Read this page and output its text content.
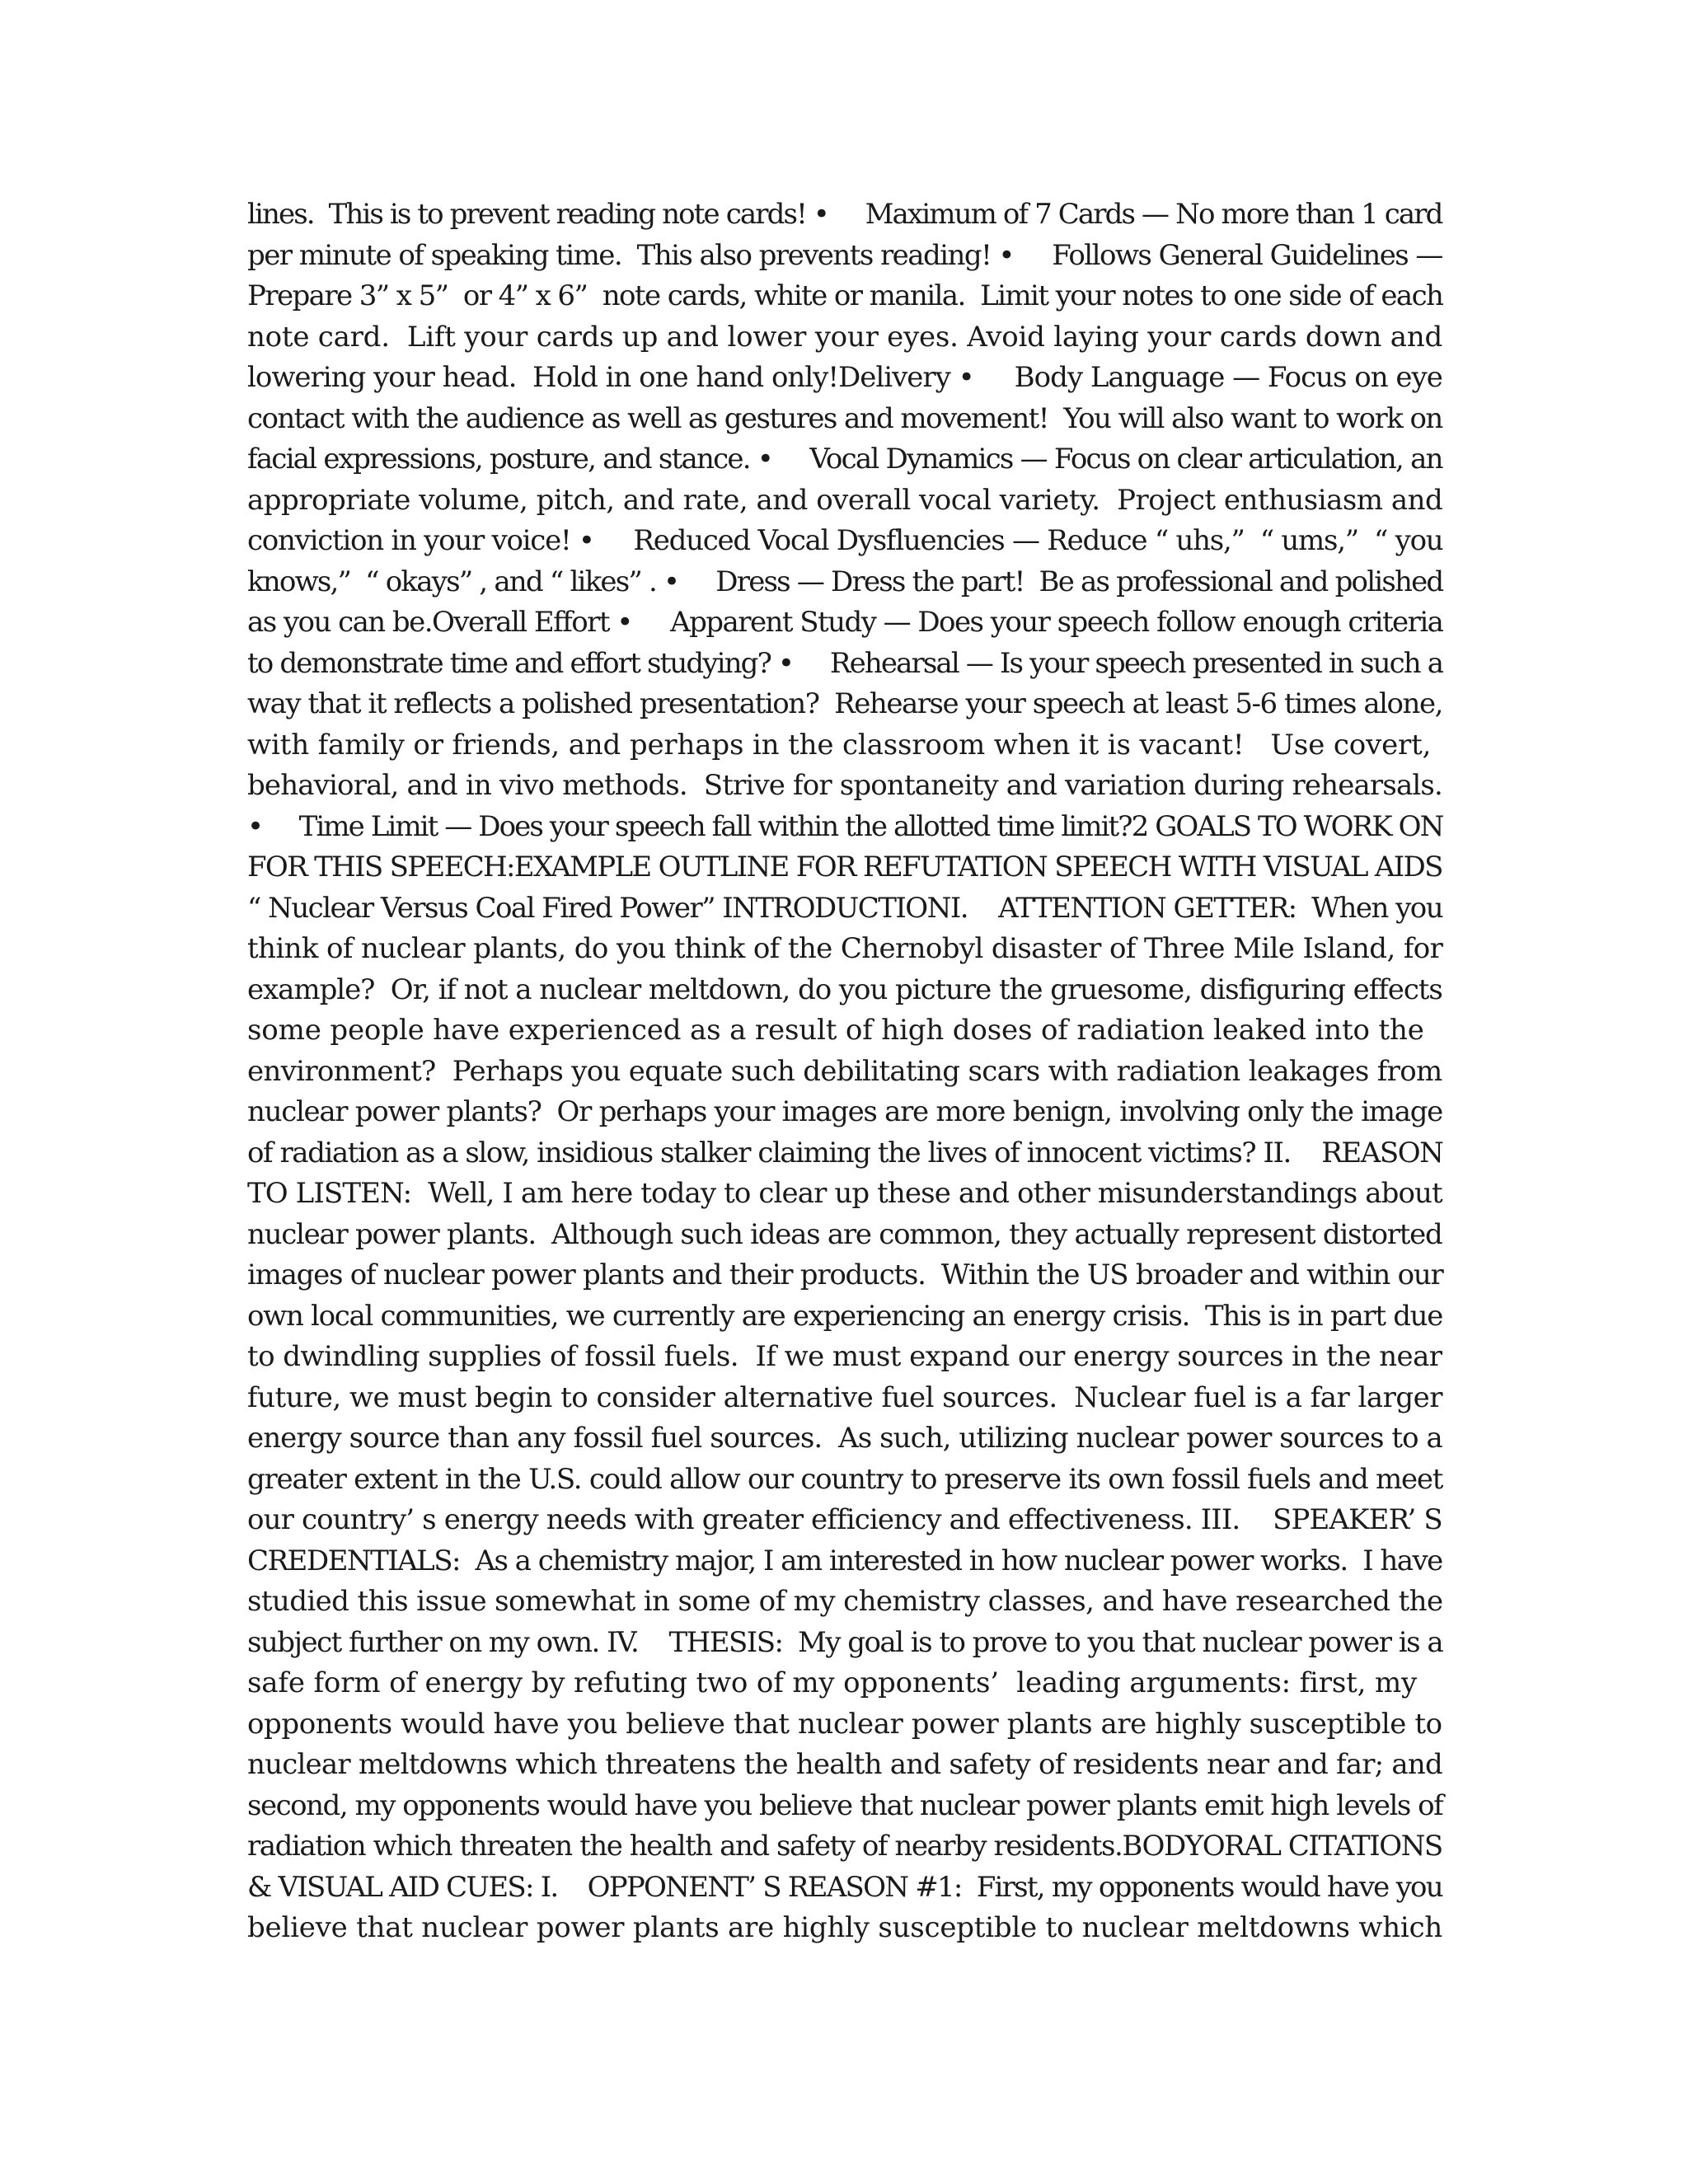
lines.  This is to prevent reading note cards! •     Maximum of 7 Cards — No more than 1 card
per minute of speaking time.  This also prevents reading! •     Follows General Guidelines —
Prepare 3” x 5”  or 4” x 6”  note cards, white or manila.  Limit your notes to one side of each
note card.  Lift your cards up and lower your eyes. Avoid laying your cards down and
lowering your head.  Hold in one hand only!Delivery •     Body Language — Focus on eye
contact with the audience as well as gestures and movement!  You will also want to work on
facial expressions, posture, and stance. •     Vocal Dynamics — Focus on clear articulation, an
appropriate volume, pitch, and rate, and overall vocal variety.  Project enthusiasm and
conviction in your voice! •     Reduced Vocal Dysfluencies — Reduce “ uhs,”  “ ums,”  “ you
knows,”  “ okays” , and “ likes” . •     Dress — Dress the part!  Be as professional and polished
as you can be.Overall Effort •     Apparent Study — Does your speech follow enough criteria
to demonstrate time and effort studying? •     Rehearsal — Is your speech presented in such a
way that it reflects a polished presentation?  Rehearse your speech at least 5-6 times alone,
with family or friends, and perhaps in the classroom when it is vacant!   Use covert,
behavioral, and in vivo methods.  Strive for spontaneity and variation during rehearsals.
•     Time Limit — Does your speech fall within the allotted time limit?2 GOALS TO WORK ON
FOR THIS SPEECH:EXAMPLE OUTLINE FOR REFUTATION SPEECH WITH VISUAL AIDS
“ Nuclear Versus Coal Fired Power” INTRODUCTIONI.    ATTENTION GETTER:  When you
think of nuclear plants, do you think of the Chernobyl disaster of Three Mile Island, for
example?  Or, if not a nuclear meltdown, do you picture the gruesome, disfiguring effects
some people have experienced as a result of high doses of radiation leaked into the
environment?  Perhaps you equate such debilitating scars with radiation leakages from
nuclear power plants?  Or perhaps your images are more benign, involving only the image
of radiation as a slow, insidious stalker claiming the lives of innocent victims? II.    REASON
TO LISTEN:  Well, I am here today to clear up these and other misunderstandings about
nuclear power plants.  Although such ideas are common, they actually represent distorted
images of nuclear power plants and their products.  Within the US broader and within our
own local communities, we currently are experiencing an energy crisis.  This is in part due
to dwindling supplies of fossil fuels.  If we must expand our energy sources in the near
future, we must begin to consider alternative fuel sources.  Nuclear fuel is a far larger
energy source than any fossil fuel sources.  As such, utilizing nuclear power sources to a
greater extent in the U.S. could allow our country to preserve its own fossil fuels and meet
our country’ s energy needs with greater efficiency and effectiveness. III.    SPEAKER’ S
CREDENTIALS:  As a chemistry major, I am interested in how nuclear power works.  I have
studied this issue somewhat in some of my chemistry classes, and have researched the
subject further on my own. IV.    THESIS:  My goal is to prove to you that nuclear power is a
safe form of energy by refuting two of my opponents’  leading arguments: first, my
opponents would have you believe that nuclear power plants are highly susceptible to
nuclear meltdowns which threatens the health and safety of residents near and far; and
second, my opponents would have you believe that nuclear power plants emit high levels of
radiation which threaten the health and safety of nearby residents.BODYORAL CITATIONS
& VISUAL AID CUES: I.    OPPONENT’ S REASON #1:  First, my opponents would have you
believe that nuclear power plants are highly susceptible to nuclear meltdowns which
